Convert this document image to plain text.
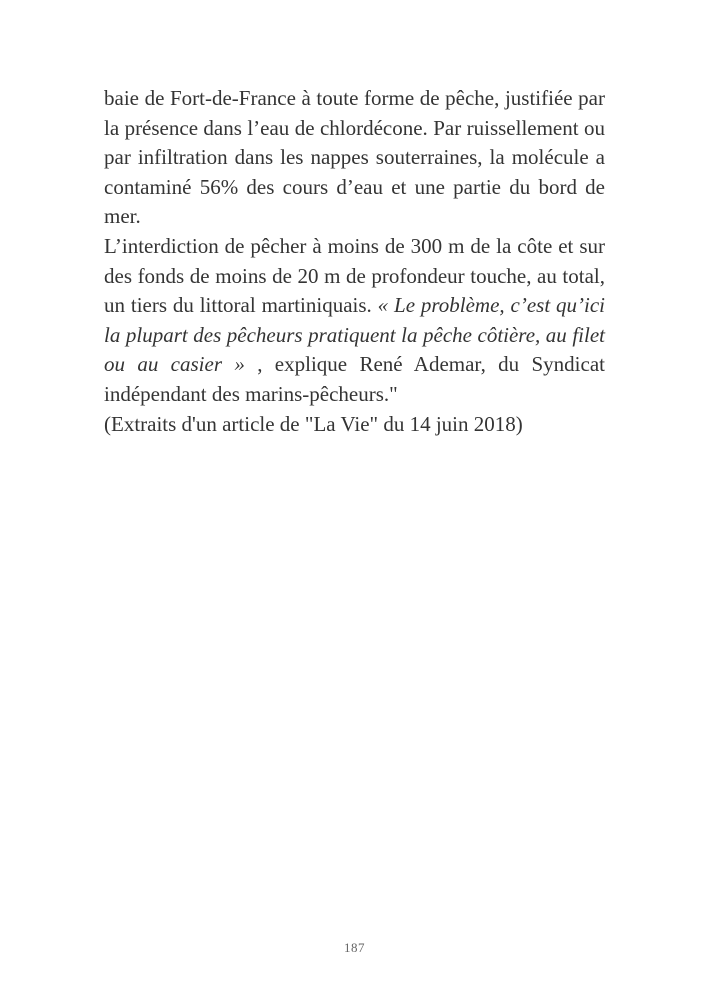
baie de Fort-de-France à toute forme de pêche, justifiée par la présence dans l’eau de chlordécone. Par ruissellement ou par infiltration dans les nappes souterraines, la molécule a contaminé 56% des cours d’eau et une partie du bord de mer.

L’interdiction de pêcher à moins de 300 m de la côte et sur des fonds de moins de 20 m de profondeur touche, au total, un tiers du littoral martiniquais. « Le problème, c’est qu’ici la plupart des pêcheurs pratiquent la pêche côtière, au filet ou au casier » , explique René Ademar, du Syndicat indépendant des marins-pêcheurs."

(Extraits d'un article de "La Vie" du 14 juin 2018)

187
